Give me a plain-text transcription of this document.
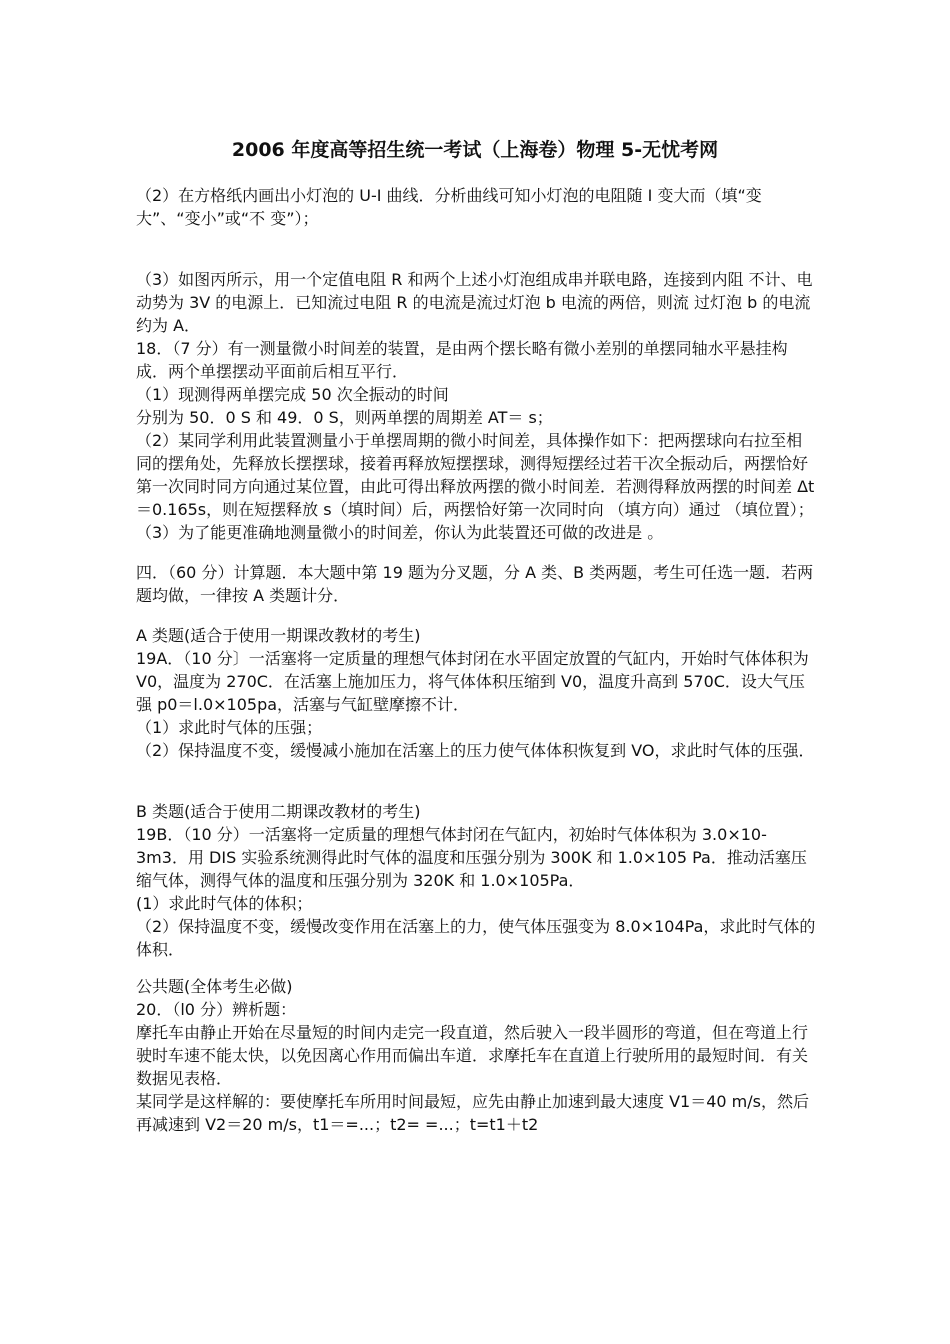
2006 年度高等招生统一考试（上海卷）物理 5-无忧考网

（2）在方格纸内画出小灯泡的 U-I 曲线．分析曲线可知小灯泡的电阻随 I 变大而（填“变大”、“变小”或“不 变”）；

（3）如图丙所示，用一个定值电阻 R 和两个上述小灯泡组成串并联电路，连接到内阻 不计、电动势为 3V 的电源上．已知流过电阻 R 的电流是流过灯泡 b 电流的两倍，则流 过灯泡 b 的电流约为 A．

18．（7 分）有一测量微小时间差的装置，是由两个摆长略有微小差别的单摆同轴水平悬挂构成．两个单摆摆动平面前后相互平行．

（1）现测得两单摆完成 50 次全振动的时间

分别为 50．0 S 和 49．0 S，则两单摆的周期差 AT＝ s；

（2）某同学利用此装置测量小于单摆周期的微小时间差，具体操作如下：把两摆球向右拉至相同的摆角处，先释放长摆摆球，接着再释放短摆摆球，测得短摆经过若干次全振动后，两摆恰好第一次同时同方向通过某位置，由此可得出释放两摆的微小时间差．若测得释放两摆的时间差 Δt＝0.165s，则在短摆释放 s（填时间）后，两摆恰好第一次同时向 （填方向）通过 （填位置）；

（3）为了能更准确地测量微小的时间差，你认为此装置还可做的改进是 。

四．（60 分）计算题．本大题中第 19 题为分叉题，分 A 类、B 类两题，考生可任选一题．若两题均做，一律按 A 类题计分．

A 类题(适合于使用一期课改教材的考生)

19A．（10 分〕一活塞将一定质量的理想气体封闭在水平固定放置的气缸内，开始时气体体积为 V0，温度为 270C．在活塞上施加压力，将气体体积压缩到 V0，温度升高到 570C．设大气压强 p0＝l.0×105pa，活塞与气缸壁摩擦不计．

（1）求此时气体的压强；

（2）保持温度不变，缓慢减小施加在活塞上的压力使气体体积恢复到 VO，求此时气体的压强．

B 类题(适合于使用二期课改教材的考生)

19B．（10 分）一活塞将一定质量的理想气体封闭在气缸内，初始时气体体积为 3.0×10-3m3．用 DIS 实验系统测得此时气体的温度和压强分别为 300K 和 1.0×105 Pa．推动活塞压缩气体，测得气体的温度和压强分别为 320K 和 1.0×105Pa．

(1）求此时气体的体积；

（2）保持温度不变，缓慢改变作用在活塞上的力，使气体压强变为 8.0×104Pa，求此时气体的体积．

公共题(全体考生必做)

20．（l0 分）辨析题：

摩托车由静止开始在尽量短的时间内走完一段直道，然后驶入一段半圆形的弯道，但在弯道上行驶时车速不能太快，以免因离心作用而偏出车道．求摩托车在直道上行驶所用的最短时间．有关数据见表格．

某同学是这样解的：要使摩托车所用时间最短，应先由静止加速到最大速度 V1＝40 m/s，然后再减速到 V2＝20 m/s，t1＝=...；t2= =...；t=t1＋t2
